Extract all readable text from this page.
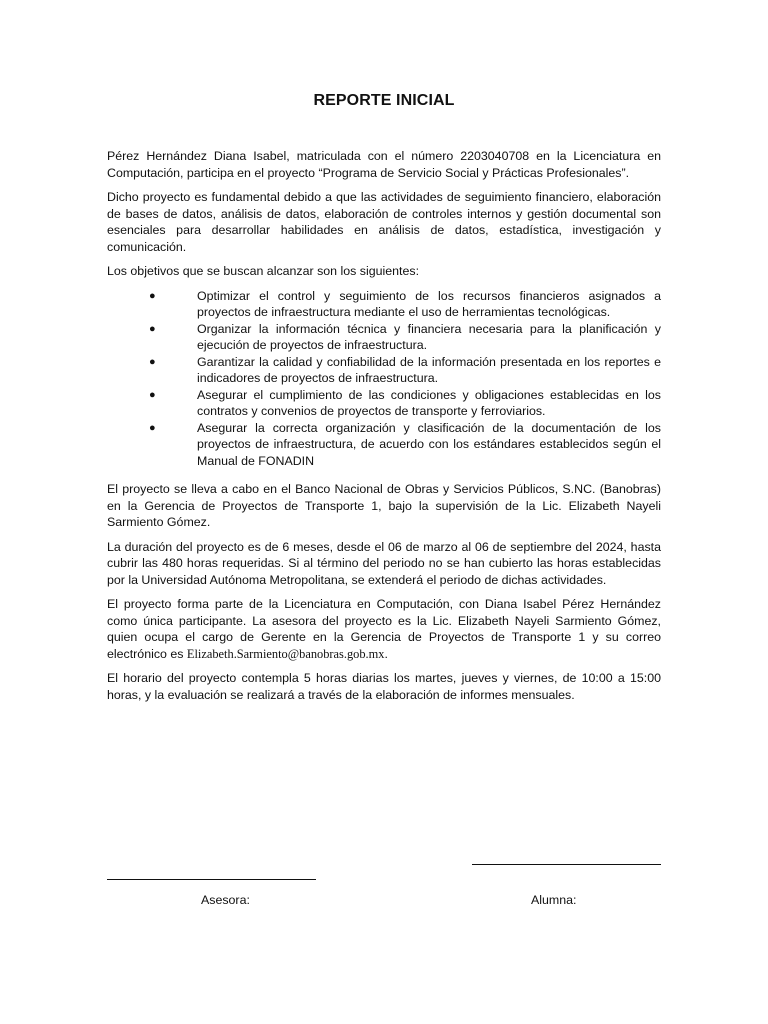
REPORTE INICIAL

Pérez Hernández Diana Isabel, matriculada con el número 2203040708 en la Licenciatura en Computación, participa en el proyecto “Programa de Servicio Social y Prácticas Profesionales”.

Dicho proyecto es fundamental debido a que las actividades de seguimiento financiero, elaboración de bases de datos, análisis de datos, elaboración de controles internos y gestión documental son esenciales para desarrollar habilidades en análisis de datos, estadística, investigación y comunicación.

Los objetivos que se buscan alcanzar son los siguientes:

●	Optimizar el control y seguimiento de los recursos financieros asignados a proyectos de infraestructura mediante el uso de herramientas tecnológicas.
●	Organizar la información técnica y financiera necesaria para la planificación y ejecución de proyectos de infraestructura.
●	Garantizar la calidad y confiabilidad de la información presentada en los reportes e indicadores de proyectos de infraestructura.
●	Asegurar el cumplimiento de las condiciones y obligaciones establecidas en los contratos y convenios de proyectos de transporte y ferroviarios.
●	Asegurar la correcta organización y clasificación de la documentación de los proyectos de infraestructura, de acuerdo con los estándares establecidos según el Manual de FONADIN

El proyecto se lleva a cabo en el Banco Nacional de Obras y Servicios Públicos, S.NC. (Banobras) en la Gerencia de Proyectos de Transporte 1, bajo la supervisión de la Lic. Elizabeth Nayeli Sarmiento Gómez.

La duración del proyecto es de 6 meses, desde el 06 de marzo al 06 de septiembre del 2024, hasta cubrir las 480 horas requeridas. Si al término del periodo no se han cubierto las horas establecidas por la Universidad Autónoma Metropolitana, se extenderá el periodo de dichas actividades.

El proyecto forma parte de la Licenciatura en Computación, con Diana Isabel Pérez Hernández como única participante. La asesora del proyecto es la Lic. Elizabeth Nayeli Sarmiento Gómez, quien ocupa el cargo de Gerente en la Gerencia de Proyectos de Transporte 1 y su correo electrónico es Elizabeth.Sarmiento@banobras.gob.mx.

El horario del proyecto contempla 5 horas diarias los martes, jueves y viernes, de 10:00 a 15:00 horas, y la evaluación se realizará a través de la elaboración de informes mensuales.

Asesora:	Alumna:
